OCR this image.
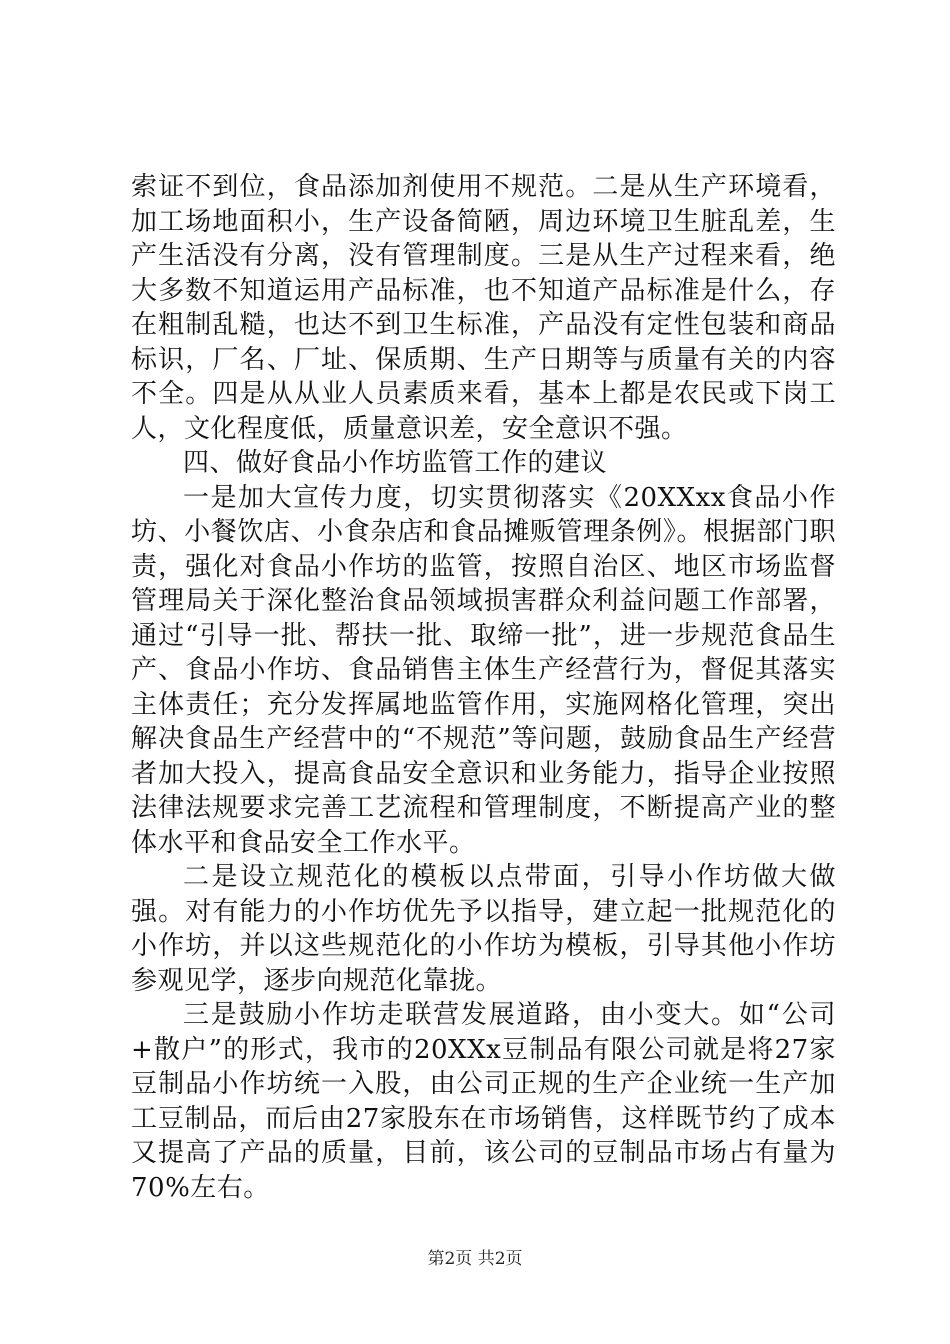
索证不到位，食品添加剂使用不规范。二是从生产环境看，加工场地面积小，生产设备简陋，周边环境卫生脏乱差，生产生活没有分离，没有管理制度。三是从生产过程来看，绝大多数不知道运用产品标准，也不知道产品标准是什么，存在粗制乱糙，也达不到卫生标准，产品没有定性包装和商品标识，厂名、厂址、保质期、生产日期等与质量有关的内容不全。四是从从业人员素质来看，基本上都是农民或下岗工人，文化程度低，质量意识差，安全意识不强。

四、做好食品小作坊监管工作的建议

一是加大宣传力度，切实贯彻落实《20XXxx食品小作坊、小餐饮店、小食杂店和食品摊贩管理条例》。根据部门职责，强化对食品小作坊的监管，按照自治区、地区市场监督管理局关于深化整治食品领域损害群众利益问题工作部署，通过“引导一批、帮扶一批、取缔一批”，进一步规范食品生产、食品小作坊、食品销售主体生产经营行为，督促其落实主体责任；充分发挥属地监管作用，实施网格化管理，突出解决食品生产经营中的“不规范”等问题，鼓励食品生产经营者加大投入，提高食品安全意识和业务能力，指导企业按照法律法规要求完善工艺流程和管理制度，不断提高产业的整体水平和食品安全工作水平。

二是设立规范化的模板以点带面，引导小作坊做大做强。对有能力的小作坊优先予以指导，建立起一批规范化的小作坊，并以这些规范化的小作坊为模板，引导其他小作坊参观见学，逐步向规范化靠拢。

三是鼓励小作坊走联营发展道路，由小变大。如“公司+散户”的形式，我市的20XXx豆制品有限公司就是将27家豆制品小作坊统一入股，由公司正规的生产企业统一生产加工豆制品，而后由27家股东在市场销售，这样既节约了成本又提高了产品的质量，目前，该公司的豆制品市场占有量为70%左右。

第2页 共2页
